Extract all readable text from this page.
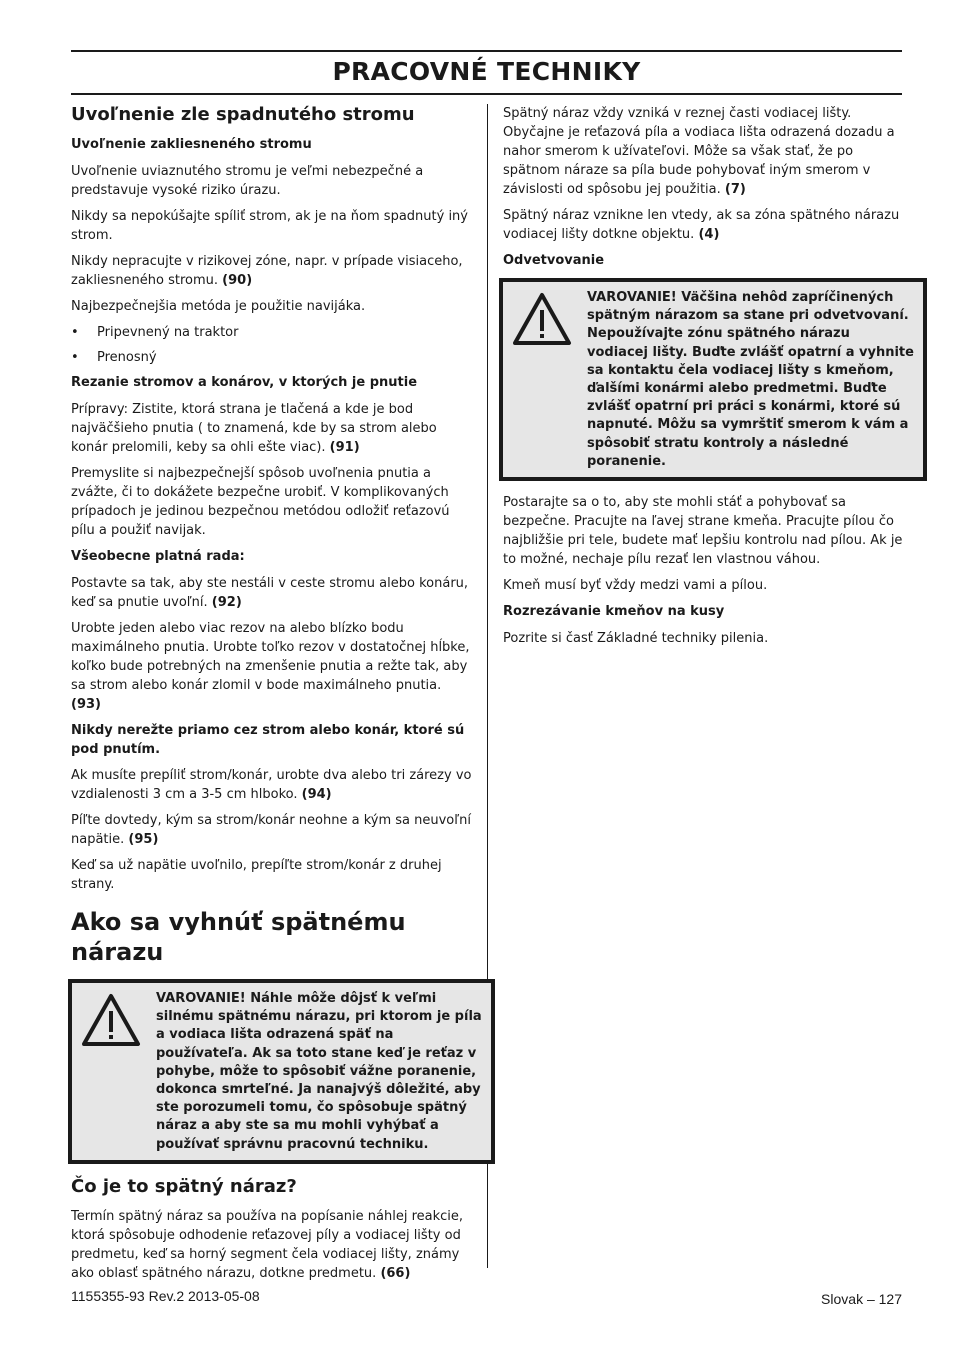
PRACOVNÉ TECHNIKY
Uvoľnenie zle spadnutého stromu
Uvoľnenie zakliesneného stromu

Uvoľnenie uviaznutého stromu je veľmi nebezpečné a predstavuje vysoké riziko úrazu.

Nikdy sa nepokúšajte spíliť strom, ak je na ňom spadnutý iný strom.

Nikdy nepracujte v rizikovej zóne, napr. v prípade visiaceho, zakliesneného stromu. (90)

Najbezpečnejšia metóda je použitie navijáka.

• Pripevnený na traktor
• Prenosný
Rezanie stromov a konárov, v ktorých je pnutie

Prípravy: Zistite, ktorá strana je tlačená a kde je bod najväčšieho pnutia ( to znamená, kde by sa strom alebo konár prelomili, keby sa ohli ešte viac). (91)

Premyslite si najbezpečnejší spôsob uvoľnenia pnutia a zvážte, či to dokážete bezpečne urobiť. V komplikovaných prípadoch je jedinou bezpečnou metódou odložiť reťazovú pílu a použiť navijak.

Všeobecne platná rada:

Postavte sa tak, aby ste nestáli v ceste stromu alebo konáru, keď sa pnutie uvoľní. (92)

Urobte jeden alebo viac rezov na alebo blízko bodu maximálneho pnutia. Urobte toľko rezov v dostatočnej hĺbke, koľko bude potrebných na zmenšenie pnutia a režte tak, aby sa strom alebo konár zlomil v bode maximálneho pnutia. (93)

Nikdy nerežte priamo cez strom alebo konár, ktoré sú pod pnutím.

Ak musíte prepíliť strom/konár, urobte dva alebo tri zárezy vo vzdialenosti 3 cm a 3-5 cm hlboko. (94)

Píľte dovtedy, kým sa strom/konár neohne a kým sa neuvoľní napätie. (95)

Keď sa už napätie uvoľnilo, prepíľte strom/konár z druhej strany.

Ako sa vyhnúť spätnému nárazu

VAROVANIE! Náhle môže dôjsť k veľmi silnému spätnému nárazu, pri ktorom je píla a vodiaca lišta odrazená späť na používateľa. Ak sa toto stane keď je reťaz v pohybe, môže to spôsobiť vážne poranenie, dokonca smrteľné. Ja nanajvýš dôležité, aby ste porozumeli tomu, čo spôsobuje spätný náraz a aby ste sa mu mohli vyhýbať a používať správnu pracovnú techniku.

Čo je to spätný náraz?

Termín spätný náraz sa používa na popísanie náhlej reakcie, ktorá spôsobuje odhodenie reťazovej píly a vodiacej lišty od predmetu, keď sa horný segment čela vodiacej lišty, známy ako oblasť spätného nárazu, dotkne predmetu. (66)

Spätný náraz vždy vzniká v reznej časti vodiacej lišty. Obyčajne je reťazová píla a vodiaca lišta odrazená dozadu a nahor smerom k užívateľovi. Môže sa však stať, že po spätnom náraze sa píla bude pohybovať iným smerom v závislosti od spôsobu jej použitia. (7)

Spätný náraz vznikne len vtedy, ak sa zóna spätného nárazu vodiacej lišty dotkne objektu. (4)

Odvetvovanie

VAROVANIE! Väčšina nehôd zapríčinených spätným nárazom sa stane pri odvetvovaní. Nepoužívajte zónu spätného nárazu vodiacej lišty. Buďte zvlášť opatrní a vyhnite sa kontaktu čela vodiacej lišty s kmeňom, ďalšími konármi alebo predmetmi. Buďte zvlášť opatrní pri práci s konármi, ktoré sú napnuté. Môžu sa vymrštiť smerom k vám a spôsobiť stratu kontroly a následné poranenie.

Postarajte sa o to, aby ste mohli stáť a pohybovať sa bezpečne. Pracujte na ľavej strane kmeňa. Pracujte pílou čo najbližšie pri tele, budete mať lepšiu kontrolu nad pílou. Ak je to možné, nechaje pílu rezať len vlastnou váhou.

Kmeň musí byť vždy medzi vami a pílou.

Rozrezávanie kmeňov na kusy

Pozrite si časť Základné techniky pilenia.

1155355-93 Rev.2 2013-05-08	Slovak – 127
